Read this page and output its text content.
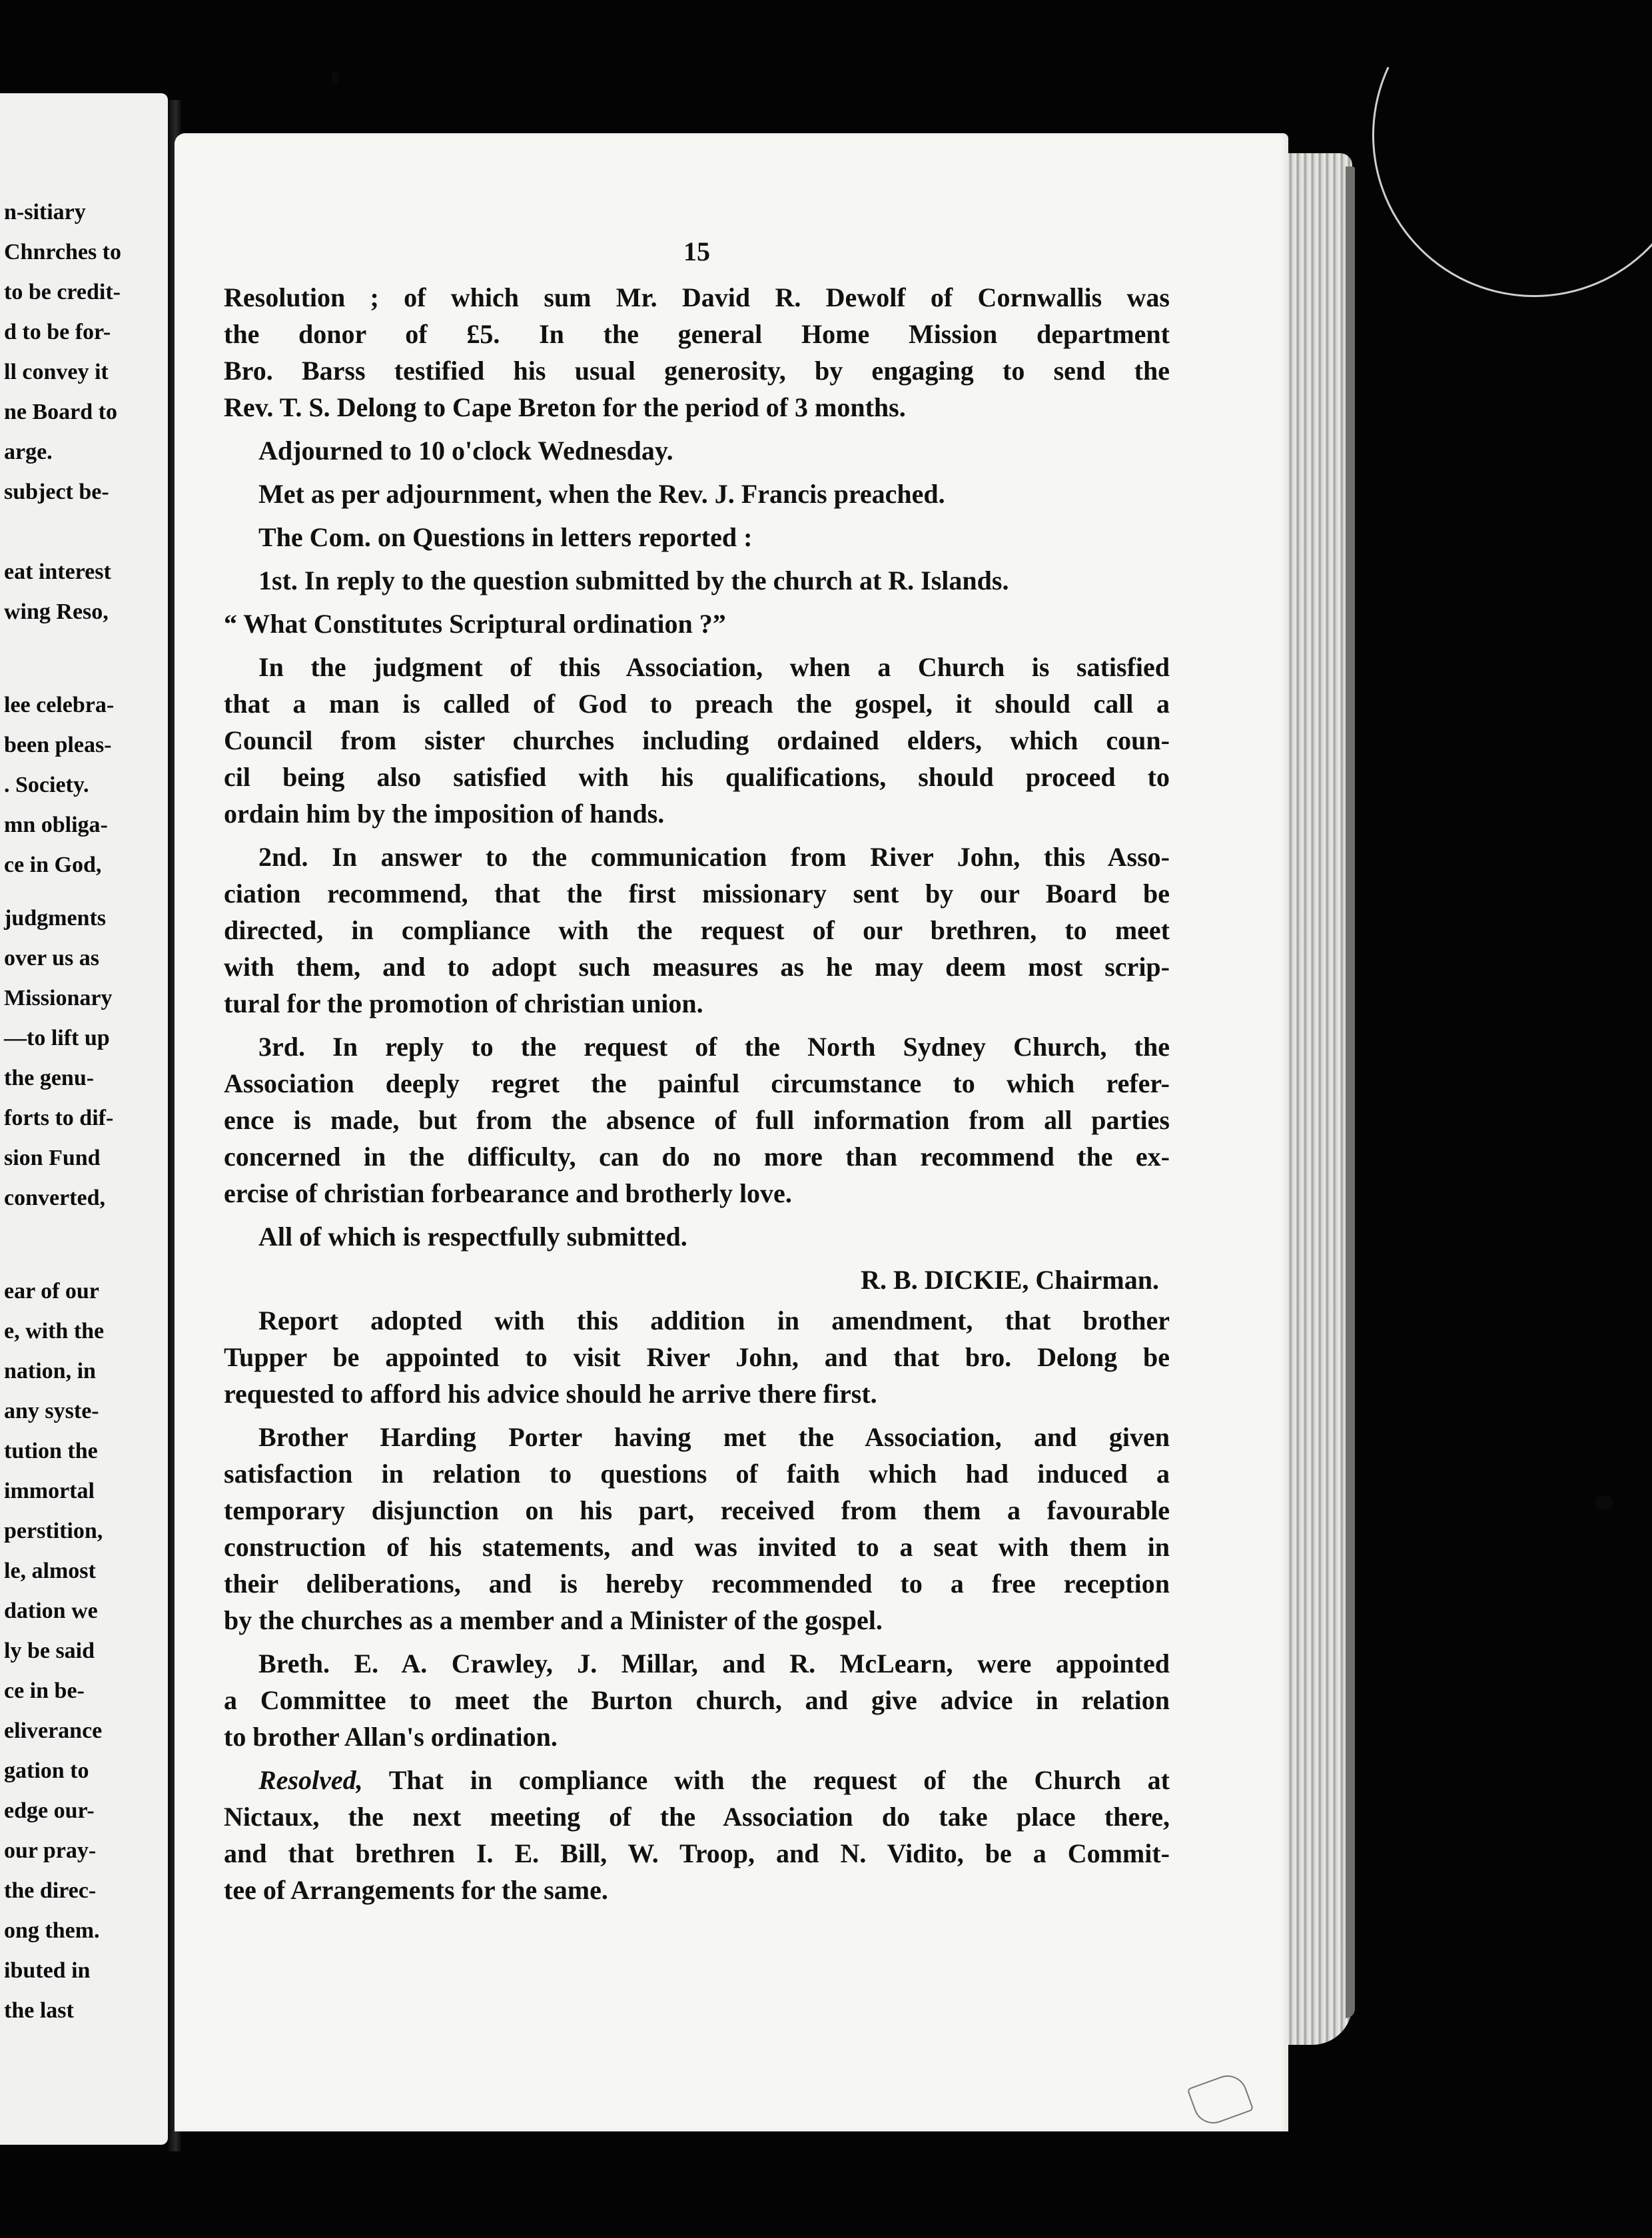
n-sitiary
Chnrches to
to be credit-
d to be for-
ll convey it
ne Board to
arge.
subject be-
eat interest
wing Reso,
lee celebra-
been pleas-
. Society.
mn obliga-
ce in God,
judgments
over us as
Missionary
—to lift up
the genu-
forts to dif-
sion Fund
converted,
ear of our
e, with the
nation, in
any syste-
tution the
immortal
perstition,
le, almost
dation we
ly be said
ce in be-
eliverance
gation to
edge our-
our pray-
the direc-
ong them.
ibuted in
the last
15
Resolution ; of which sum Mr. David R. Dewolf of Cornwallis was
the donor of £5. In the general Home Mission department
Bro. Barss testified his usual generosity, by engaging to send the
Rev. T. S. Delong to Cape Breton for the period of 3 months.
Adjourned to 10 o'clock Wednesday.
Met as per adjournment, when the Rev. J. Francis preached.
The Com. on Questions in letters reported :
1st. In reply to the question submitted by the church at R. Islands.
“ What Constitutes Scriptural ordination ?”
In the judgment of this Association, when a Church is satisfied
that a man is called of God to preach the gospel, it should call a
Council from sister churches including ordained elders, which coun-
cil being also satisfied with his qualifications, should proceed to
ordain him by the imposition of hands.
2nd. In answer to the communication from River John, this Asso-
ciation recommend, that the first missionary sent by our Board be
directed, in compliance with the request of our brethren, to meet
with them, and to adopt such measures as he may deem most scrip-
tural for the promotion of christian union.
3rd. In reply to the request of the North Sydney Church, the
Association deeply regret the painful circumstance to which refer-
ence is made, but from the absence of full information from all parties
concerned in the difficulty, can do no more than recommend the ex-
ercise of christian forbearance and brotherly love.
All of which is respectfully submitted.
R. B. DICKIE, Chairman.
Report adopted with this addition in amendment, that brother
Tupper be appointed to visit River John, and that bro. Delong be
requested to afford his advice should he arrive there first.
Brother Harding Porter having met the Association, and given
satisfaction in relation to questions of faith which had induced a
temporary disjunction on his part, received from them a favourable
construction of his statements, and was invited to a seat with them in
their deliberations, and is hereby recommended to a free reception
by the churches as a member and a Minister of the gospel.
Breth. E. A. Crawley, J. Millar, and R. McLearn, were appointed
a Committee to meet the Burton church, and give advice in relation
to brother Allan's ordination.
Resolved, That in compliance with the request of the Church at
Nictaux, the next meeting of the Association do take place there,
and that brethren I. E. Bill, W. Troop, and N. Vidito, be a Commit-
tee of Arrangements for the same.
